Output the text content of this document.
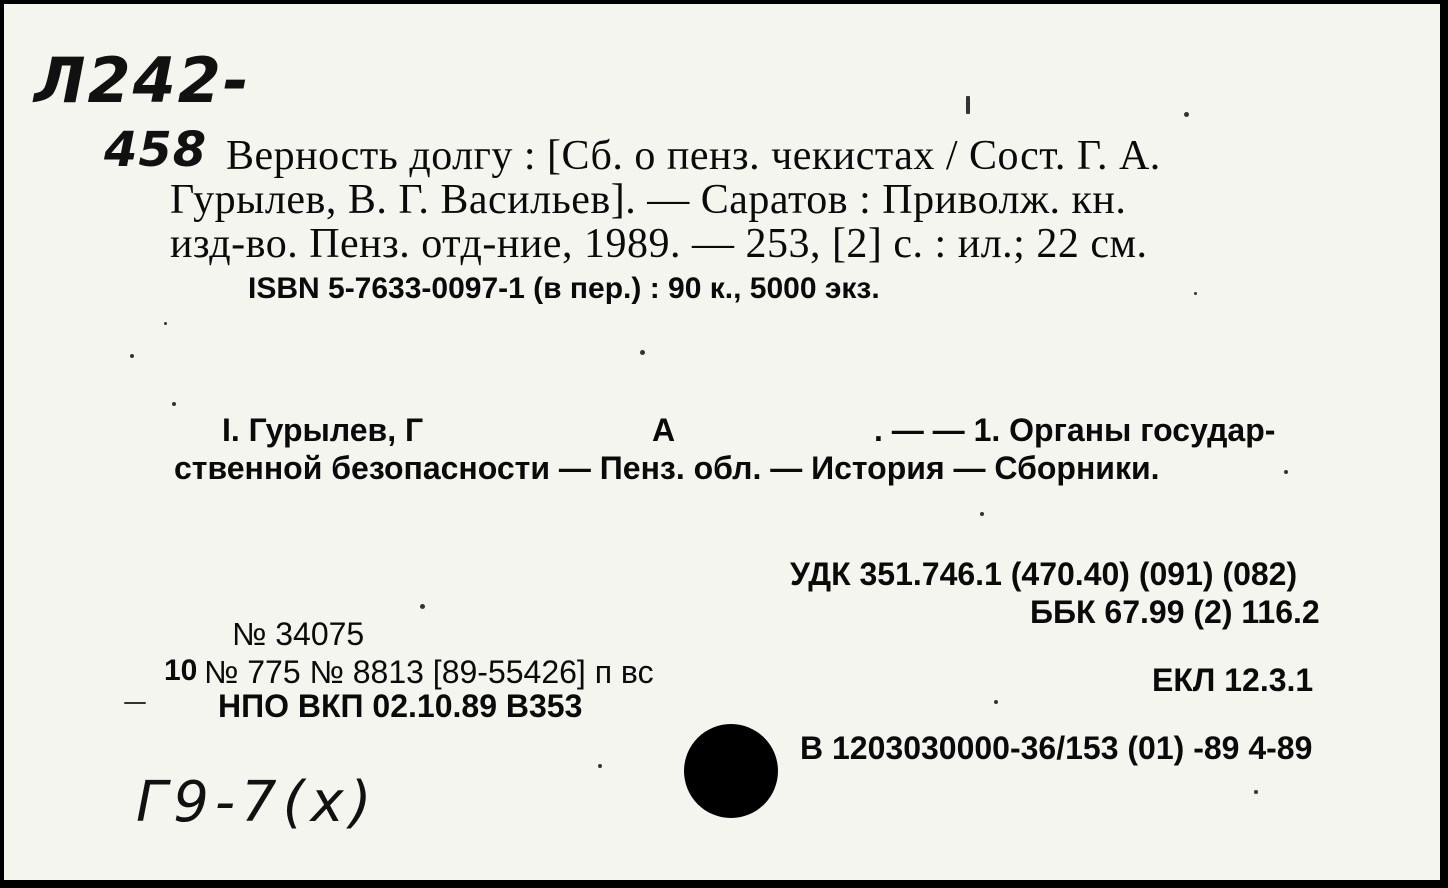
Л242-
458 Верность долгу : [Сб. о пенз. чекистах / Сост. Г. А.
Гурылев, В. Г. Васильев]. — Саратов : Приволж. кн.
изд-во. Пенз. отд-ние, 1989. — 253, [2] с. : ил.; 22 см.
ISBN 5-7633-0097-1 (в пер.) : 90 к., 5000 экз.
I. Гурылев, Г	А	. — — 1. Органы государ-
ственной безопасности — Пенз. обл. — История — Сборники.
УДК 351.746.1 (470.40) (091) (082)
ББК 67.99 (2) 116.2
ЕКЛ 12.3.1
В 1203030000-36/153 (01) -89 4-89
№ 34075
10 № 775 № 8813 [89-55426] п вс
НПО ВКП 02.10.89 В353
Г9-7(х)
